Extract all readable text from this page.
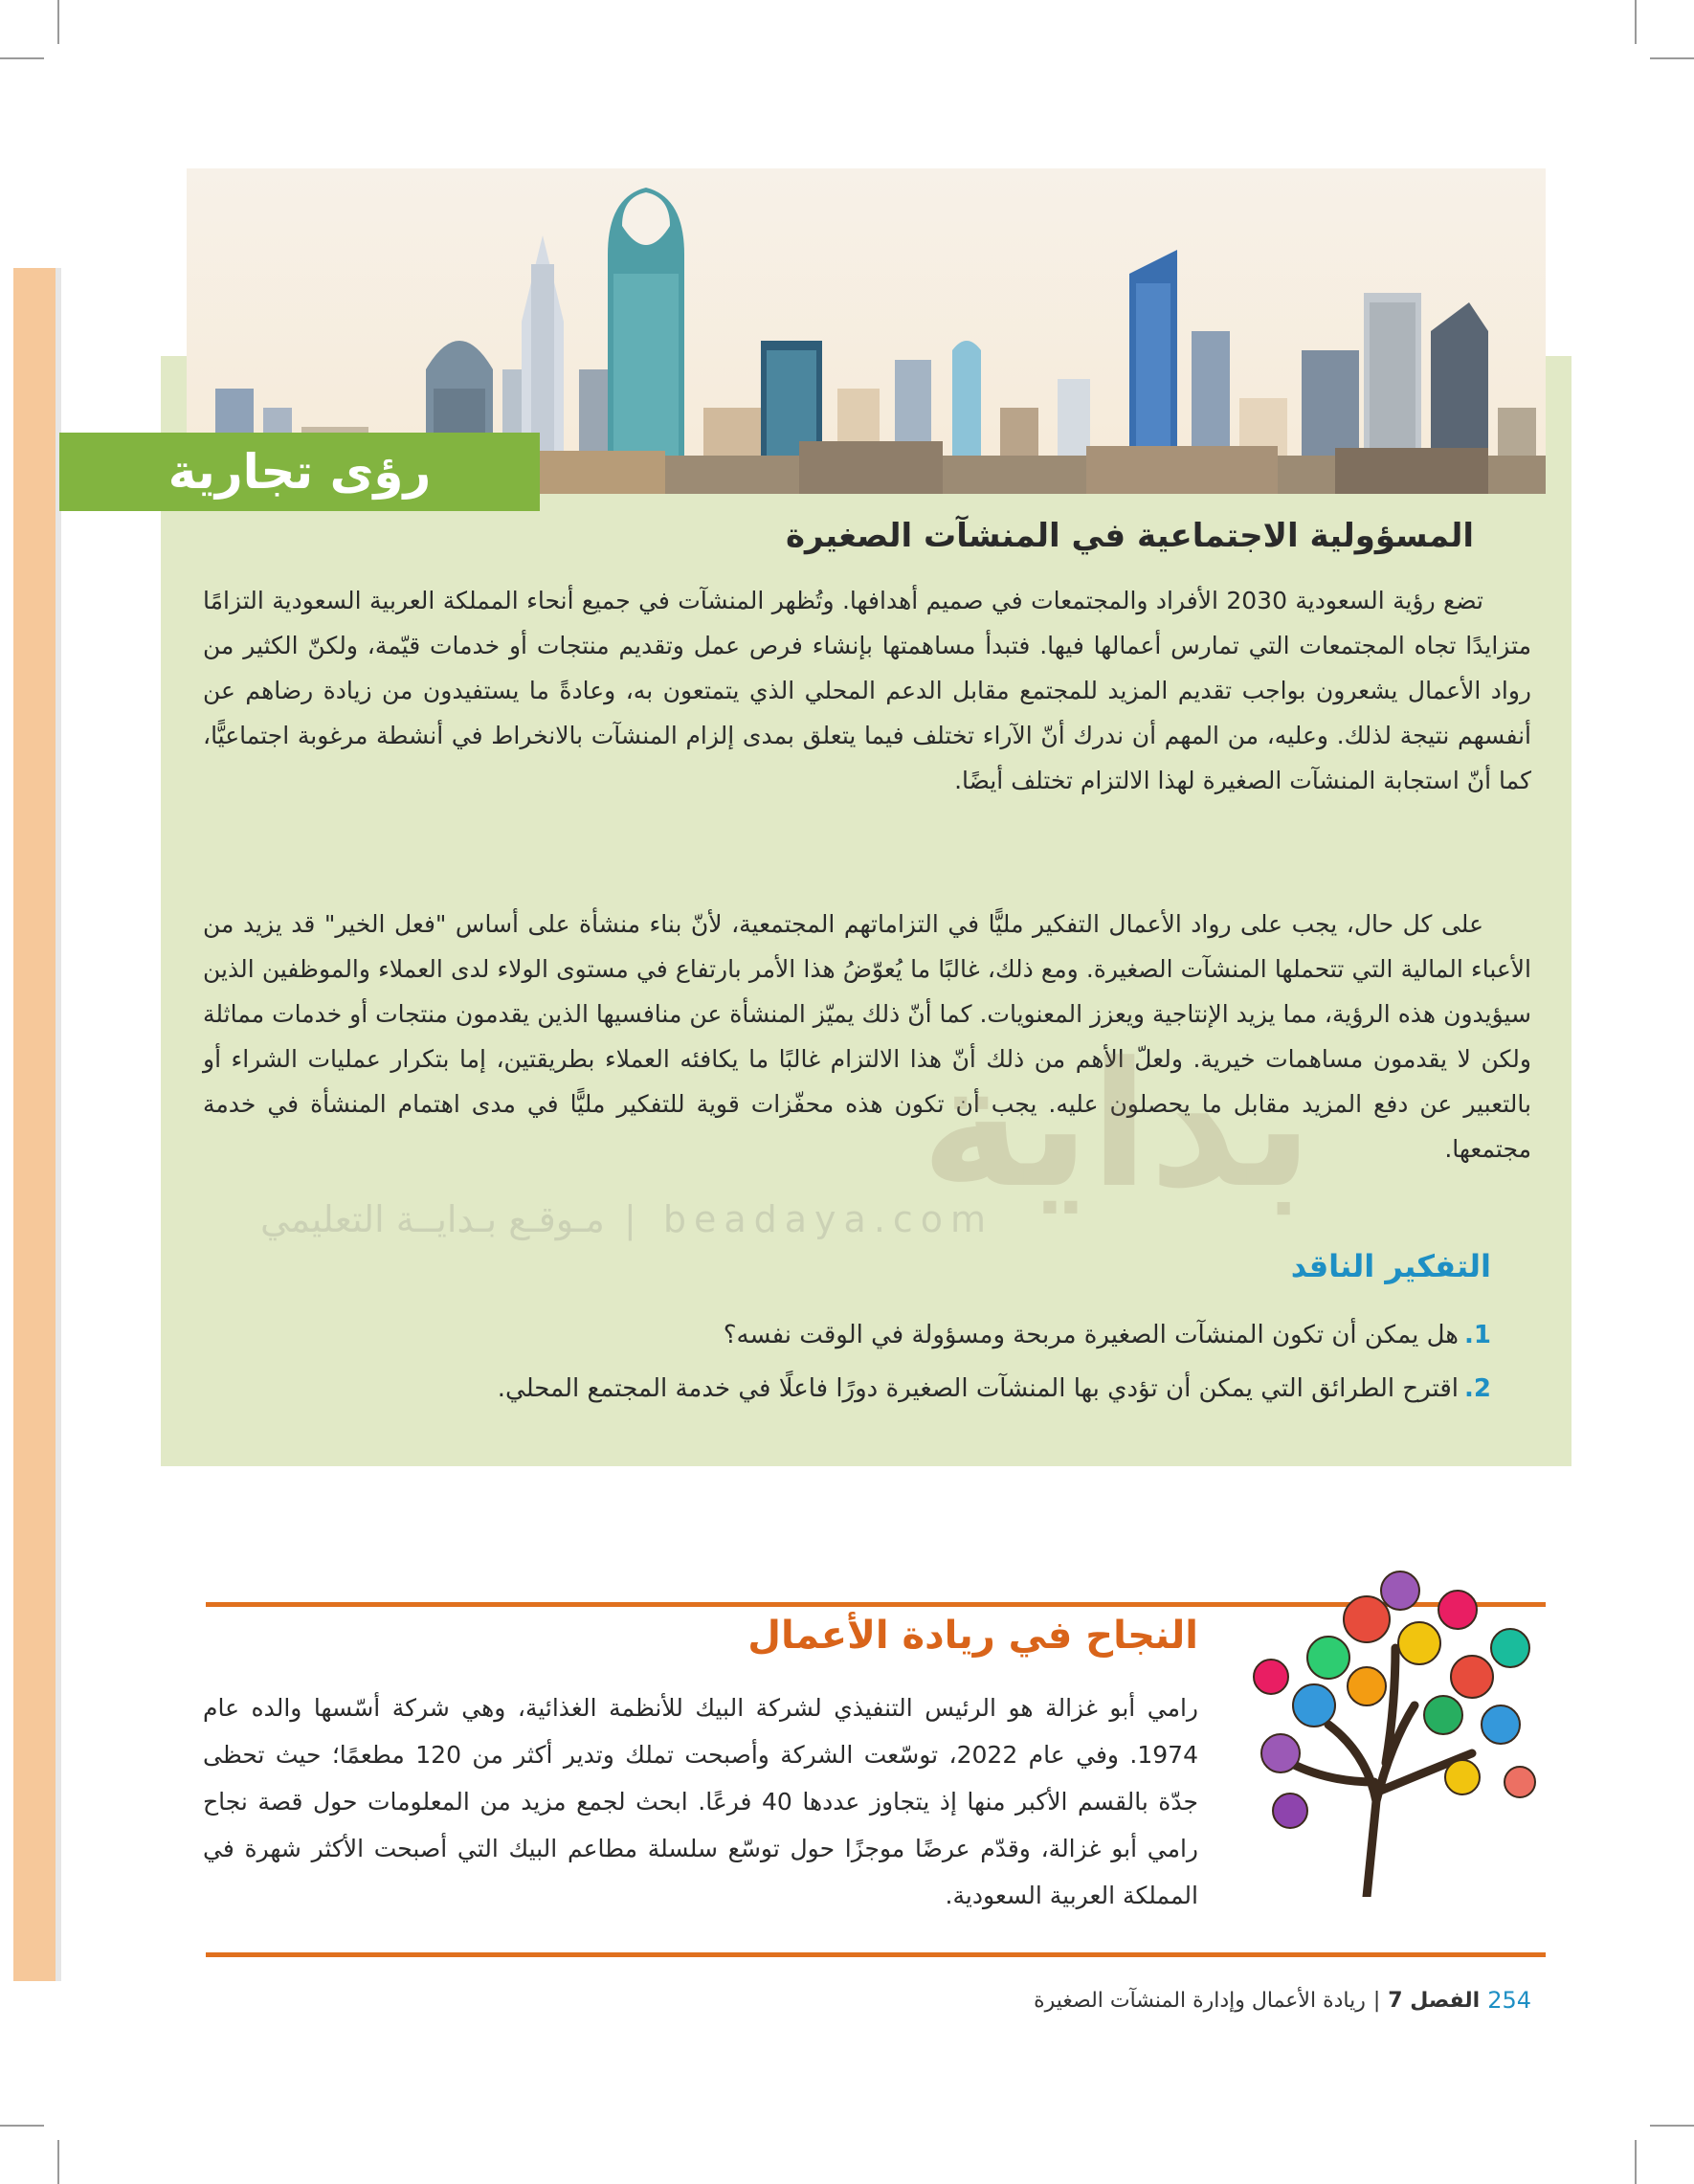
رؤى تجارية
المسؤولية الاجتماعية في المنشآت الصغيرة

تضع رؤية السعودية 2030 الأفراد والمجتمعات في صميم أهدافها. وتُظهر المنشآت في جميع أنحاء المملكة العربية السعودية التزامًا متزايدًا تجاه المجتمعات التي تمارس أعمالها فيها. فتبدأ مساهمتها بإنشاء فرص عمل وتقديم منتجات أو خدمات قيّمة، ولكنّ الكثير من رواد الأعمال يشعرون بواجب تقديم المزيد للمجتمع مقابل الدعم المحلي الذي يتمتعون به، وعادةً ما يستفيدون من زيادة رضاهم عن أنفسهم نتيجة لذلك. وعليه، من المهم أن ندرك أنّ الآراء تختلف فيما يتعلق بمدى إلزام المنشآت بالانخراط في أنشطة مرغوبة اجتماعيًّا، كما أنّ استجابة المنشآت الصغيرة لهذا الالتزام تختلف أيضًا.

على كل حال، يجب على رواد الأعمال التفكير مليًّا في التزاماتهم المجتمعية، لأنّ بناء منشأة على أساس "فعل الخير" قد يزيد من الأعباء المالية التي تتحملها المنشآت الصغيرة. ومع ذلك، غالبًا ما يُعوّضُ هذا الأمر بارتفاع في مستوى الولاء لدى العملاء والموظفين الذين سيؤيدون هذه الرؤية، مما يزيد الإنتاجية ويعزز المعنويات. كما أنّ ذلك يميّز المنشأة عن منافسيها الذين يقدمون منتجات أو خدمات مماثلة ولكن لا يقدمون مساهمات خيرية. ولعلّ الأهم من ذلك أنّ هذا الالتزام غالبًا ما يكافئه العملاء بطريقتين، إما بتكرار عمليات الشراء أو بالتعبير عن دفع المزيد مقابل ما يحصلون عليه. يجب أن تكون هذه محفّزات قوية للتفكير مليًّا في مدى اهتمام المنشأة في خدمة مجتمعها.

التفكير الناقد
1.
هل يمكن أن تكون المنشآت الصغيرة مربحة ومسؤولة في الوقت نفسه؟
2.
اقترح الطرائق التي يمكن أن تؤدي بها المنشآت الصغيرة دورًا فاعلًا في خدمة المجتمع المحلي.
النجاح في ريادة الأعمال

رامي أبو غزالة هو الرئيس التنفيذي لشركة البيك للأنظمة الغذائية، وهي شركة أسّسها والده عام 1974. وفي عام 2022، توسّعت الشركة وأصبحت تملك وتدير أكثر من 120 مطعمًا؛ حيث تحظى جدّة بالقسم الأكبر منها إذ يتجاوز عددها 40 فرعًا. ابحث لجمع مزيد من المعلومات حول قصة نجاح رامي أبو غزالة، وقدّم عرضًا موجزًا حول توسّع سلسلة مطاعم البيك التي أصبحت الأكثر شهرة في المملكة العربية السعودية.

254
الفصل 7
|
ريادة الأعمال وإدارة المنشآت الصغيرة
